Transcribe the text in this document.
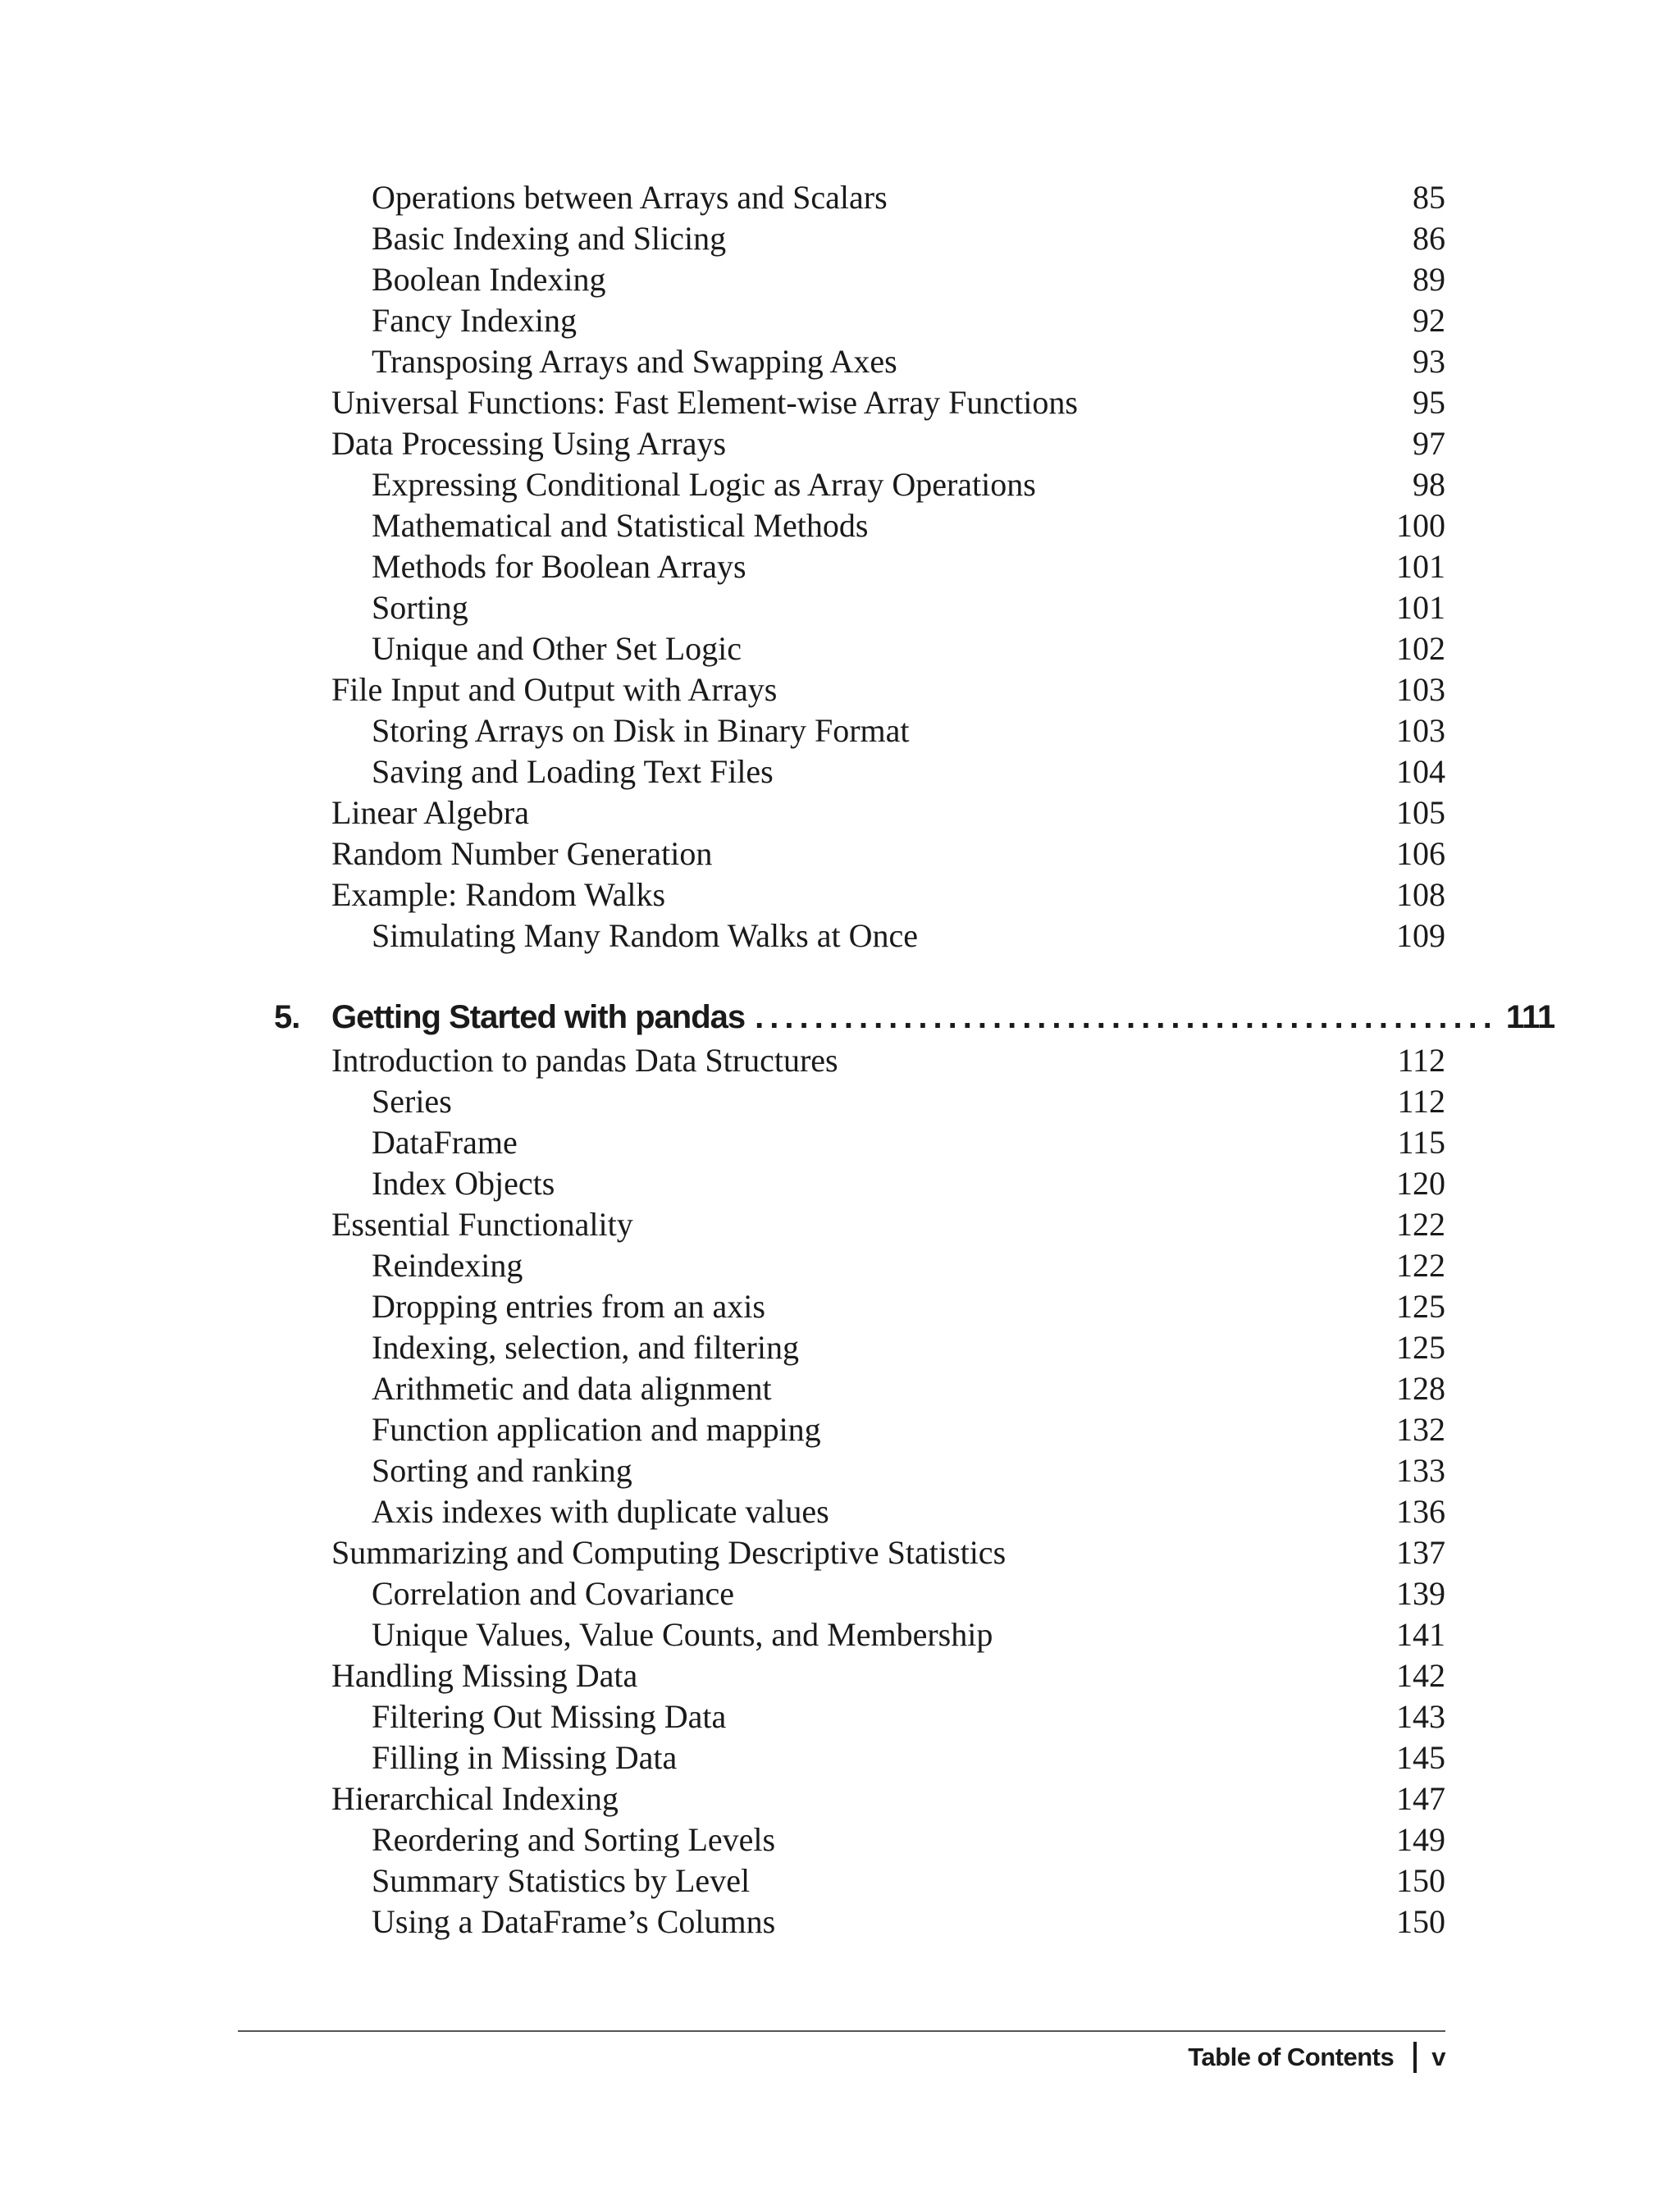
Operations between Arrays and Scalars	85
Basic Indexing and Slicing	86
Boolean Indexing	89
Fancy Indexing	92
Transposing Arrays and Swapping Axes	93
Universal Functions: Fast Element-wise Array Functions	95
Data Processing Using Arrays	97
Expressing Conditional Logic as Array Operations	98
Mathematical and Statistical Methods	100
Methods for Boolean Arrays	101
Sorting	101
Unique and Other Set Logic	102
File Input and Output with Arrays	103
Storing Arrays on Disk in Binary Format	103
Saving and Loading Text Files	104
Linear Algebra	105
Random Number Generation	106
Example: Random Walks	108
Simulating Many Random Walks at Once	109
5. Getting Started with pandas .................................................. 111
Introduction to pandas Data Structures	112
Series	112
DataFrame	115
Index Objects	120
Essential Functionality	122
Reindexing	122
Dropping entries from an axis	125
Indexing, selection, and filtering	125
Arithmetic and data alignment	128
Function application and mapping	132
Sorting and ranking	133
Axis indexes with duplicate values	136
Summarizing and Computing Descriptive Statistics	137
Correlation and Covariance	139
Unique Values, Value Counts, and Membership	141
Handling Missing Data	142
Filtering Out Missing Data	143
Filling in Missing Data	145
Hierarchical Indexing	147
Reordering and Sorting Levels	149
Summary Statistics by Level	150
Using a DataFrame’s Columns	150
Table of Contents v
